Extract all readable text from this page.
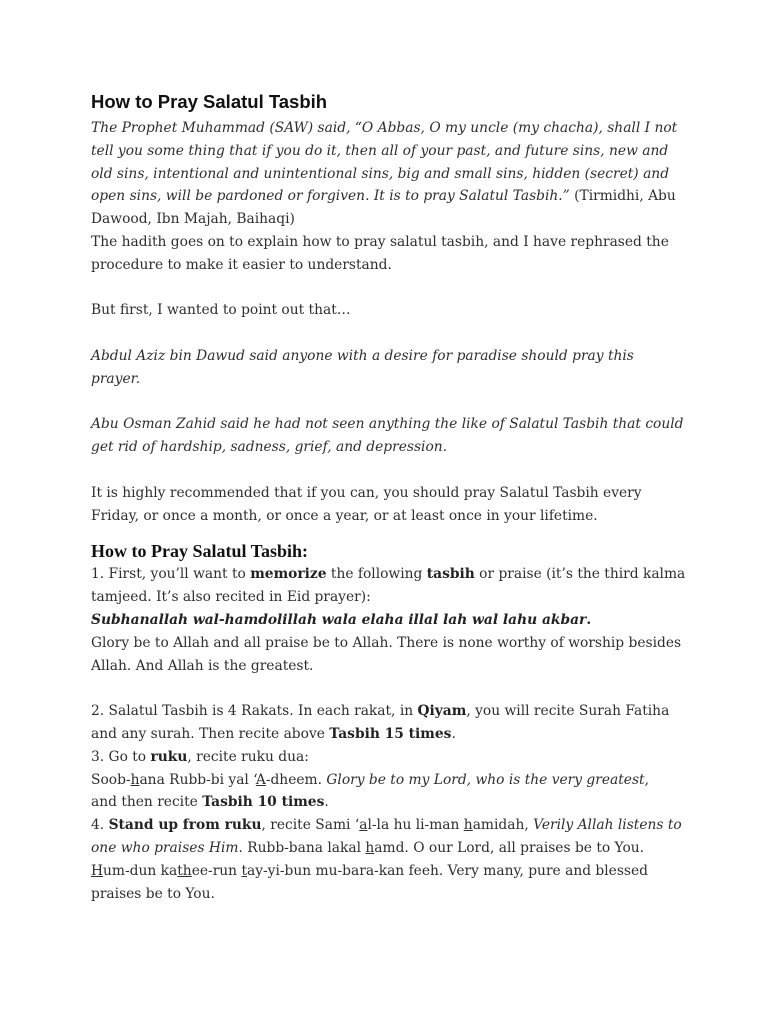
How to Pray Salatul Tasbih

The Prophet Muhammad (SAW) said, “O Abbas, O my uncle (my chacha), shall I not tell you some thing that if you do it, then all of your past, and future sins, new and old sins, intentional and unintentional sins, big and small sins, hidden (secret) and open sins, will be pardoned or forgiven. It is to pray Salatul Tasbih.” (Tirmidhi, Abu Dawood, Ibn Majah, Baihaqi)

The hadith goes on to explain how to pray salatul tasbih, and I have rephrased the procedure to make it easier to understand.

But first, I wanted to point out that…

Abdul Aziz bin Dawud said anyone with a desire for paradise should pray this prayer.

Abu Osman Zahid said he had not seen anything the like of Salatul Tasbih that could get rid of hardship, sadness, grief, and depression.

It is highly recommended that if you can, you should pray Salatul Tasbih every Friday, or once a month, or once a year, or at least once in your lifetime.

How to Pray Salatul Tasbih:

1. First, you’ll want to memorize the following tasbih or praise (it’s the third kalma tamjeed. It’s also recited in Eid prayer):

Subhanallah wal-hamdolillah wala elaha illal lah wal lahu akbar.

Glory be to Allah and all praise be to Allah. There is none worthy of worship besides Allah. And Allah is the greatest.

2. Salatul Tasbih is 4 Rakats. In each rakat, in Qiyam, you will recite Surah Fatiha and any surah. Then recite above Tasbih 15 times.

3. Go to ruku, recite ruku dua:

Soob-hana Rubb-bi yal ‘A-dheem. Glory be to my Lord, who is the very greatest,

and then recite Tasbih 10 times.

4. Stand up from ruku, recite Sami ‘al-la hu li-man hamidah, Verily Allah listens to one who praises Him. Rubb-bana lakal hamd. O our Lord, all praises be to You. Hum-dun kathee-run tay-yi-bun mu-bara-kan feeh. Very many, pure and blessed praises be to You.
